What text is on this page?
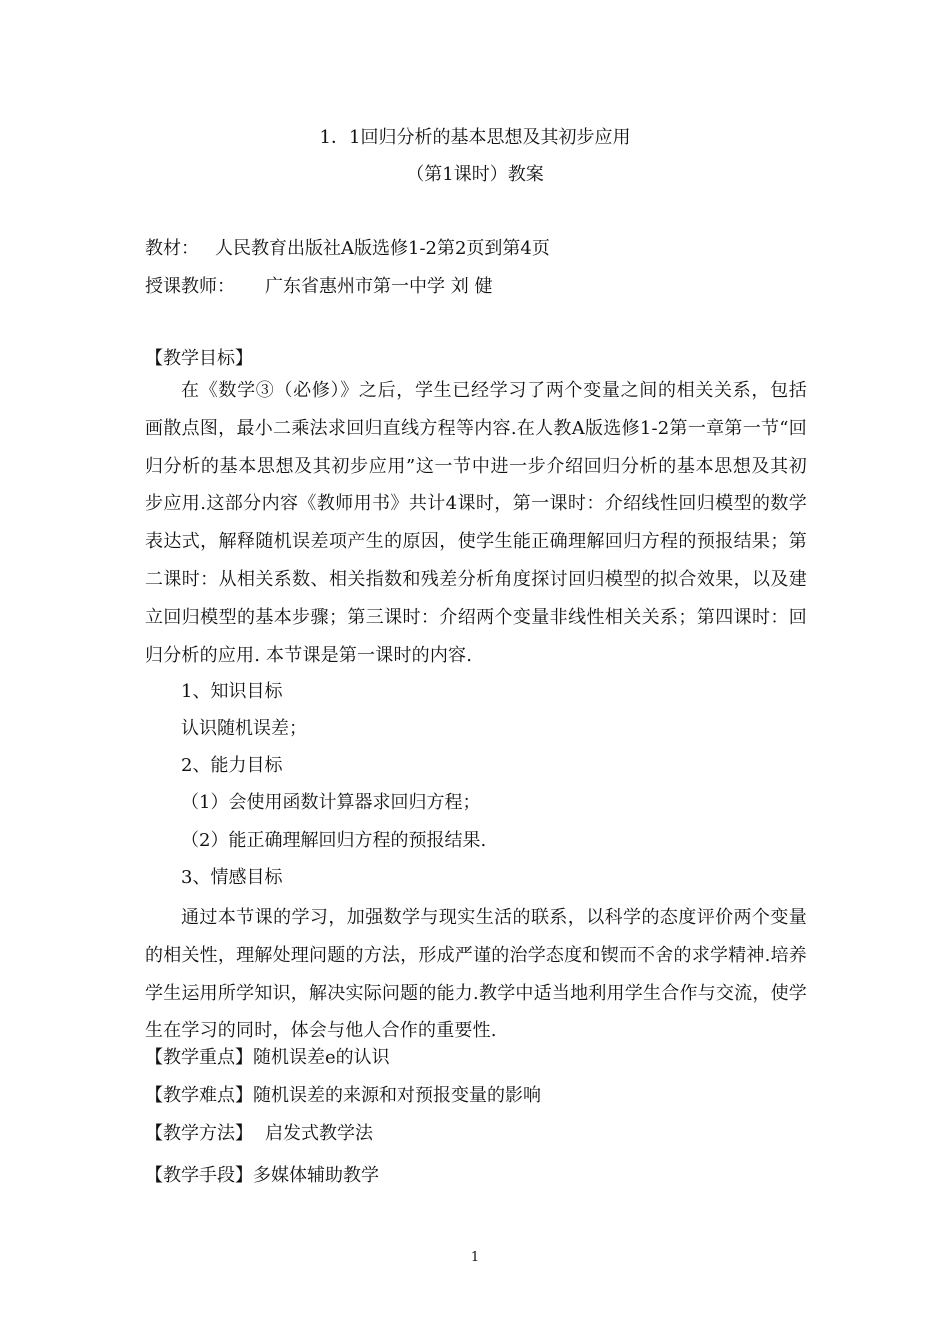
1．1回归分析的基本思想及其初步应用
（第1课时）教案
教材： 人民教育出版社A版选修1-2第2页到第4页
授课教师： 广东省惠州市第一中学 刘 健
【教学目标】

在《数学③（必修）》之后，学生已经学习了两个变量之间的相关关系，包括画散点图，最小二乘法求回归直线方程等内容.在人教A版选修1-2第一章第一节“回归分析的基本思想及其初步应用”这一节中进一步介绍回归分析的基本思想及其初步应用.这部分内容《教师用书》共计4课时，第一课时：介绍线性回归模型的数学表达式，解释随机误差项产生的原因，使学生能正确理解回归方程的预报结果；第二课时：从相关系数、相关指数和残差分析角度探讨回归模型的拟合效果，以及建立回归模型的基本步骤；第三课时：介绍两个变量非线性相关关系；第四课时：回归分析的应用. 本节课是第一课时的内容.

1、知识目标
认识随机误差；
2、能力目标
（1）会使用函数计算器求回归方程；
（2）能正确理解回归方程的预报结果.
3、情感目标

通过本节课的学习，加强数学与现实生活的联系，以科学的态度评价两个变量的相关性，理解处理问题的方法，形成严谨的治学态度和锲而不舍的求学精神.培养学生运用所学知识，解决实际问题的能力.教学中适当地利用学生合作与交流，使学生在学习的同时，体会与他人合作的重要性.

【教学重点】随机误差e的认识
【教学难点】随机误差的来源和对预报变量的影响
【教学方法】 启发式教学法
【教学手段】多媒体辅助教学
1
